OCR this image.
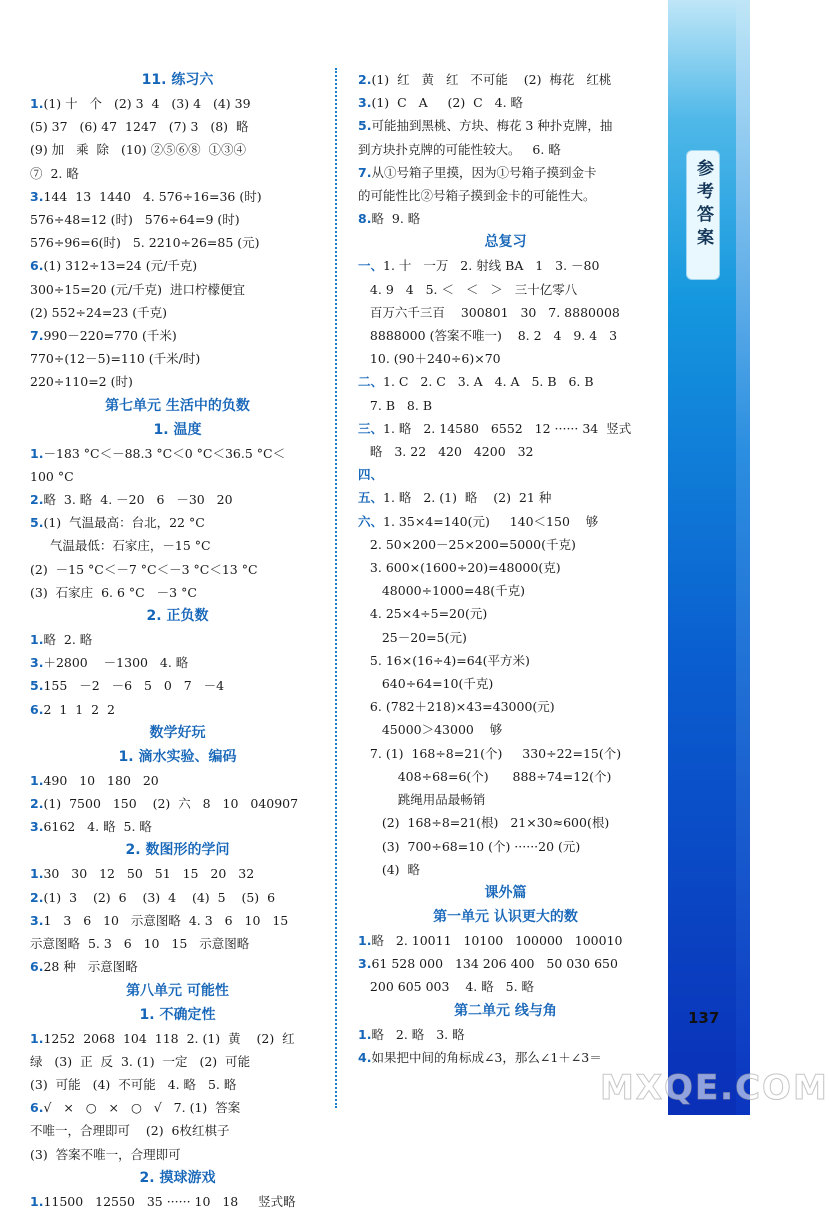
11. 练习六
1.(1) 十   个   (2) 3  4   (3) 4   (4) 39
(5) 37   (6) 47  1247   (7) 3   (8)  略
(9) 加   乘  除   (10) ②⑤⑥⑧  ①③④
⑦  2. 略
3.144  13  1440   4. 576÷16=36 (时)
576÷48=12 (时)   576÷64=9 (时)
576÷96=6(时)   5. 2210÷26=85 (元)
6.(1) 312÷13=24 (元/千克)
300÷15=20 (元/千克)  进口柠檬便宜
(2) 552÷24=23 (千克)
7.990－220=770 (千米)
770÷(12－5)=110 (千米/时)
220÷110=2 (时)
第七单元 生活中的负数
1. 温度
1.－183 °C＜－88.3 °C＜0 °C＜36.5 °C＜
100 °C
2.略  3. 略  4. －20   6   －30   20
5.(1)  气温最高：台北，22 °C
气温最低：石家庄，－15 °C
(2)  －15 °C＜－7 °C＜－3 °C＜13 °C
(3)  石家庄  6. 6 °C   －3 °C
2. 正负数
1.略  2. 略
3.＋2800    －1300   4. 略
5.155   －2   －6   5   0   7   －4
6.2  1  1  2  2
数学好玩
1. 滴水实验、编码
1.490   10   180   20
2.(1)  7500   150    (2)  六   8   10   040907
3.6162   4. 略  5. 略
2. 数图形的学问
1.30   30   12   50   51   15   20   32
2.(1)  3    (2)  6    (3)  4    (4)  5    (5)  6
3.1   3   6   10   示意图略  4. 3   6   10   15
示意图略  5. 3   6   10   15   示意图略
6.28 种   示意图略
第八单元 可能性
1. 不确定性
1.1252  2068  104  118  2. (1)  黄    (2)  红
绿   (3)  正  反  3. (1)  一定   (2)  可能
(3)  可能   (4)  不可能   4. 略   5. 略
6.√   ×   ○   ×   ○   √   7. (1)  答案
不唯一，合理即可    (2)  6枚红棋子
(3)  答案不唯一，合理即可
2. 摸球游戏
1.11500   12550   35 ······ 10   18     竖式略
2.(1)  红   黄   红   不可能    (2)  梅花   红桃
3.(1)  C   A     (2)  C   4. 略
5.可能抽到黑桃、方块、梅花 3 种扑克牌，抽
到方块扑克牌的可能性较大。   6. 略
7.从①号箱子里摸，因为①号箱子摸到金卡
的可能性比②号箱子摸到金卡的可能性大。
8.略  9. 略
总复习
一、1. 十   一万   2. 射线 BA   1   3. －80
4. 9   4   5. ＜   ＜   ＞   三十亿零八
百万六千三百    300801   30   7. 8880008
8888000 (答案不唯一)    8. 2   4   9. 4   3
10. (90＋240÷6)×70
二、1. C   2. C   3. A   4. A   5. B   6. B
7. B   8. B
三、1. 略   2. 14580   6552   12 ······ 34  竖式
略   3. 22   420   4200   32
四、
五、1. 略   2. (1)  略    (2)  21 种
六、1. 35×4=140(元)     140＜150    够
2. 50×200－25×200=5000(千克)
3. 600×(1600÷20)=48000(克)
48000÷1000=48(千克)
4. 25×4÷5=20(元)
25－20=5(元)
5. 16×(16÷4)=64(平方米)
640÷64=10(千克)
6. (782＋218)×43=43000(元)
45000＞43000    够
7. (1)  168÷8=21(个)     330÷22=15(个)
408÷68=6(个)      888÷74=12(个)
跳绳用品最畅销
(2)  168÷8=21(根)   21×30≈600(根)
(3)  700÷68=10 (个) ······20 (元)
(4)  略
课外篇
第一单元 认识更大的数
1.略   2. 10011   10100   100000   100010
3.61 528 000   134 206 400   50 030 650
200 605 003    4. 略   5. 略
第二单元 线与角
1.略   2. 略   3. 略
4.如果把中间的角标成∠3，那么∠1＋∠3＝
参考答案
137
MXQE.COM
